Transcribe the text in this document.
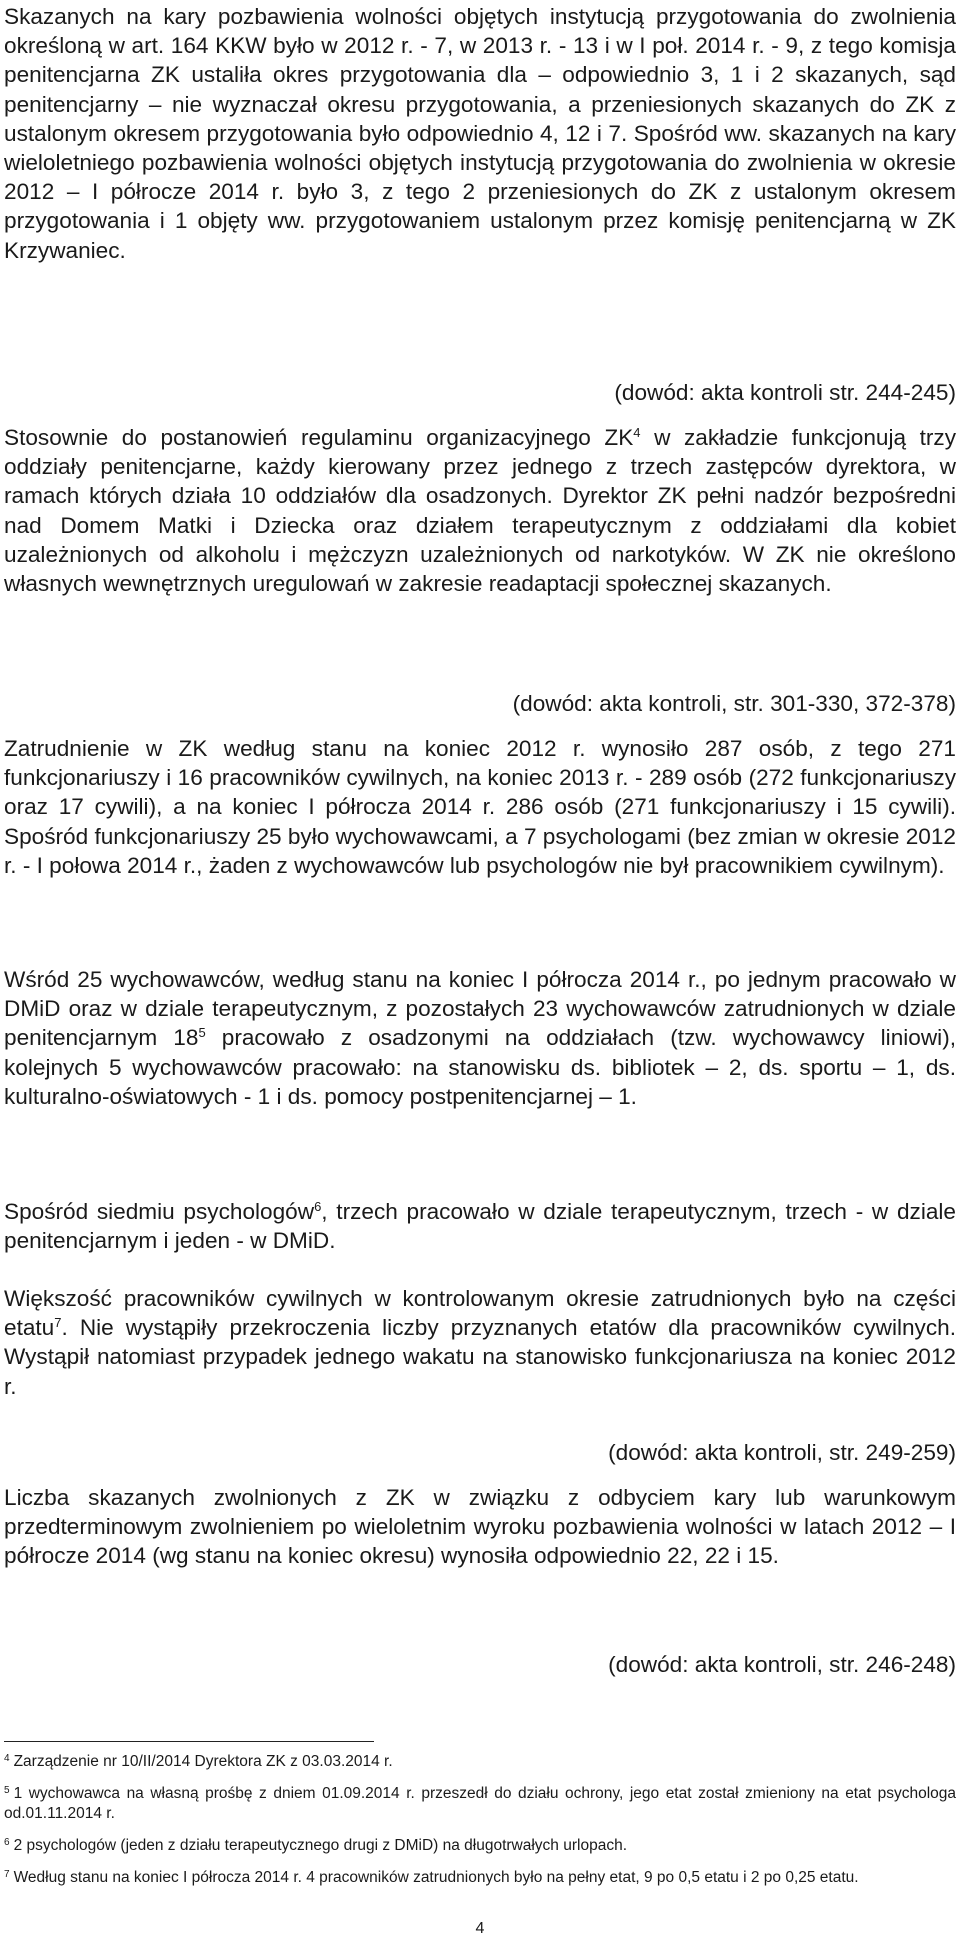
Skazanych na kary pozbawienia wolności objętych instytucją przygotowania do zwolnienia określoną w art. 164 KKW było w 2012 r. - 7, w 2013 r. - 13 i w I poł. 2014 r. - 9, z tego komisja penitencjarna ZK ustaliła okres przygotowania dla – odpowiednio 3, 1 i 2 skazanych, sąd penitencjarny – nie wyznaczał okresu przygotowania, a przeniesionych skazanych do ZK z ustalonym okresem przygotowania było odpowiednio 4, 12 i 7. Spośród ww. skazanych na kary wieloletniego pozbawienia wolności objętych instytucją przygotowania do zwolnienia w okresie 2012 – I półrocze 2014 r. było 3, z tego 2 przeniesionych do ZK z ustalonym okresem przygotowania i 1 objęty ww. przygotowaniem ustalonym przez komisję penitencjarną w ZK Krzywaniec.

(dowód: akta kontroli str. 244-245)

Stosownie do postanowień regulaminu organizacyjnego $ZK^4$ w zakładzie funkcjonują trzy oddziały penitencjarne, każdy kierowany przez jednego z trzech zastępców dyrektora, w ramach których działa 10 oddziałów dla osadzonych. Dyrektor ZK pełni nadzór bezpośredni nad Domem Matki i Dziecka oraz działem terapeutycznym z oddziałami dla kobiet uzależnionych od alkoholu i mężczyzn uzależnionych od narkotyków. W ZK nie określono własnych wewnętrznych uregulowań w zakresie readaptacji społecznej skazanych.

(dowód: akta kontroli, str. 301-330, 372-378)

Zatrudnienie w ZK według stanu na koniec 2012 r. wynosiło 287 osób, z tego 271 funkcjonariuszy i 16 pracowników cywilnych, na koniec 2013 r. - 289 osób (272 funkcjonariuszy oraz 17 cywili), a na koniec I półrocza 2014 r. 286 osób (271 funkcjonariuszy i 15 cywili). Spośród funkcjonariuszy 25 było wychowawcami, a 7 psychologami (bez zmian w okresie 2012 r. - I połowa 2014 r., żaden z wychowawców lub psychologów nie był pracownikiem cywilnym).

Wśród 25 wychowawców, według stanu na koniec I półrocza 2014 r., po jednym pracowało w DMiD oraz w dziale terapeutycznym, z pozostałych 23 wychowawców zatrudnionych w dziale penitencjarnym $18^5$ pracowało z osadzonymi na oddziałach (tzw. wychowawcy liniowi), kolejnych 5 wychowawców pracowało: na stanowisku ds. bibliotek – 2, ds. sportu – 1, ds. kulturalno-oświatowych - 1 i ds. pomocy postpenitencjarnej – 1.

Spośród siedmiu psychologów$^6$, trzech pracowało w dziale terapeutycznym, trzech - w dziale penitencjarnym i jeden - w DMiD.

Większość pracowników cywilnych w kontrolowanym okresie zatrudnionych było na części etatu$^7$. Nie wystąpiły przekroczenia liczby przyznanych etatów dla pracowników cywilnych. Wystąpił natomiast przypadek jednego wakatu na stanowisko funkcjonariusza na koniec 2012 r.

(dowód: akta kontroli, str. 249-259)

Liczba skazanych zwolnionych z ZK w związku z odbyciem kary lub warunkowym przedterminowym zwolnieniem po wieloletnim wyroku pozbawienia wolności w latach 2012 – I półrocze 2014 (wg stanu na koniec okresu) wynosiła odpowiednio 22, 22 i 15.

(dowód: akta kontroli, str. 246-248)

$^4$ Zarządzenie nr 10/II/2014 Dyrektora ZK z 03.03.2014 r.

$^5$ 1 wychowawca na własną prośbę z dniem 01.09.2014 r. przeszedł do działu ochrony, jego etat został zmieniony na etat psychologa od.01.11.2014 r.

$^6$ 2 psychologów (jeden z działu terapeutycznego drugi z DMiD) na długotrwałych urlopach.

$^7$ Według stanu na koniec I półrocza 2014 r. 4 pracowników zatrudnionych było na pełny etat, 9 po 0,5 etatu i 2 po 0,25 etatu.

4
